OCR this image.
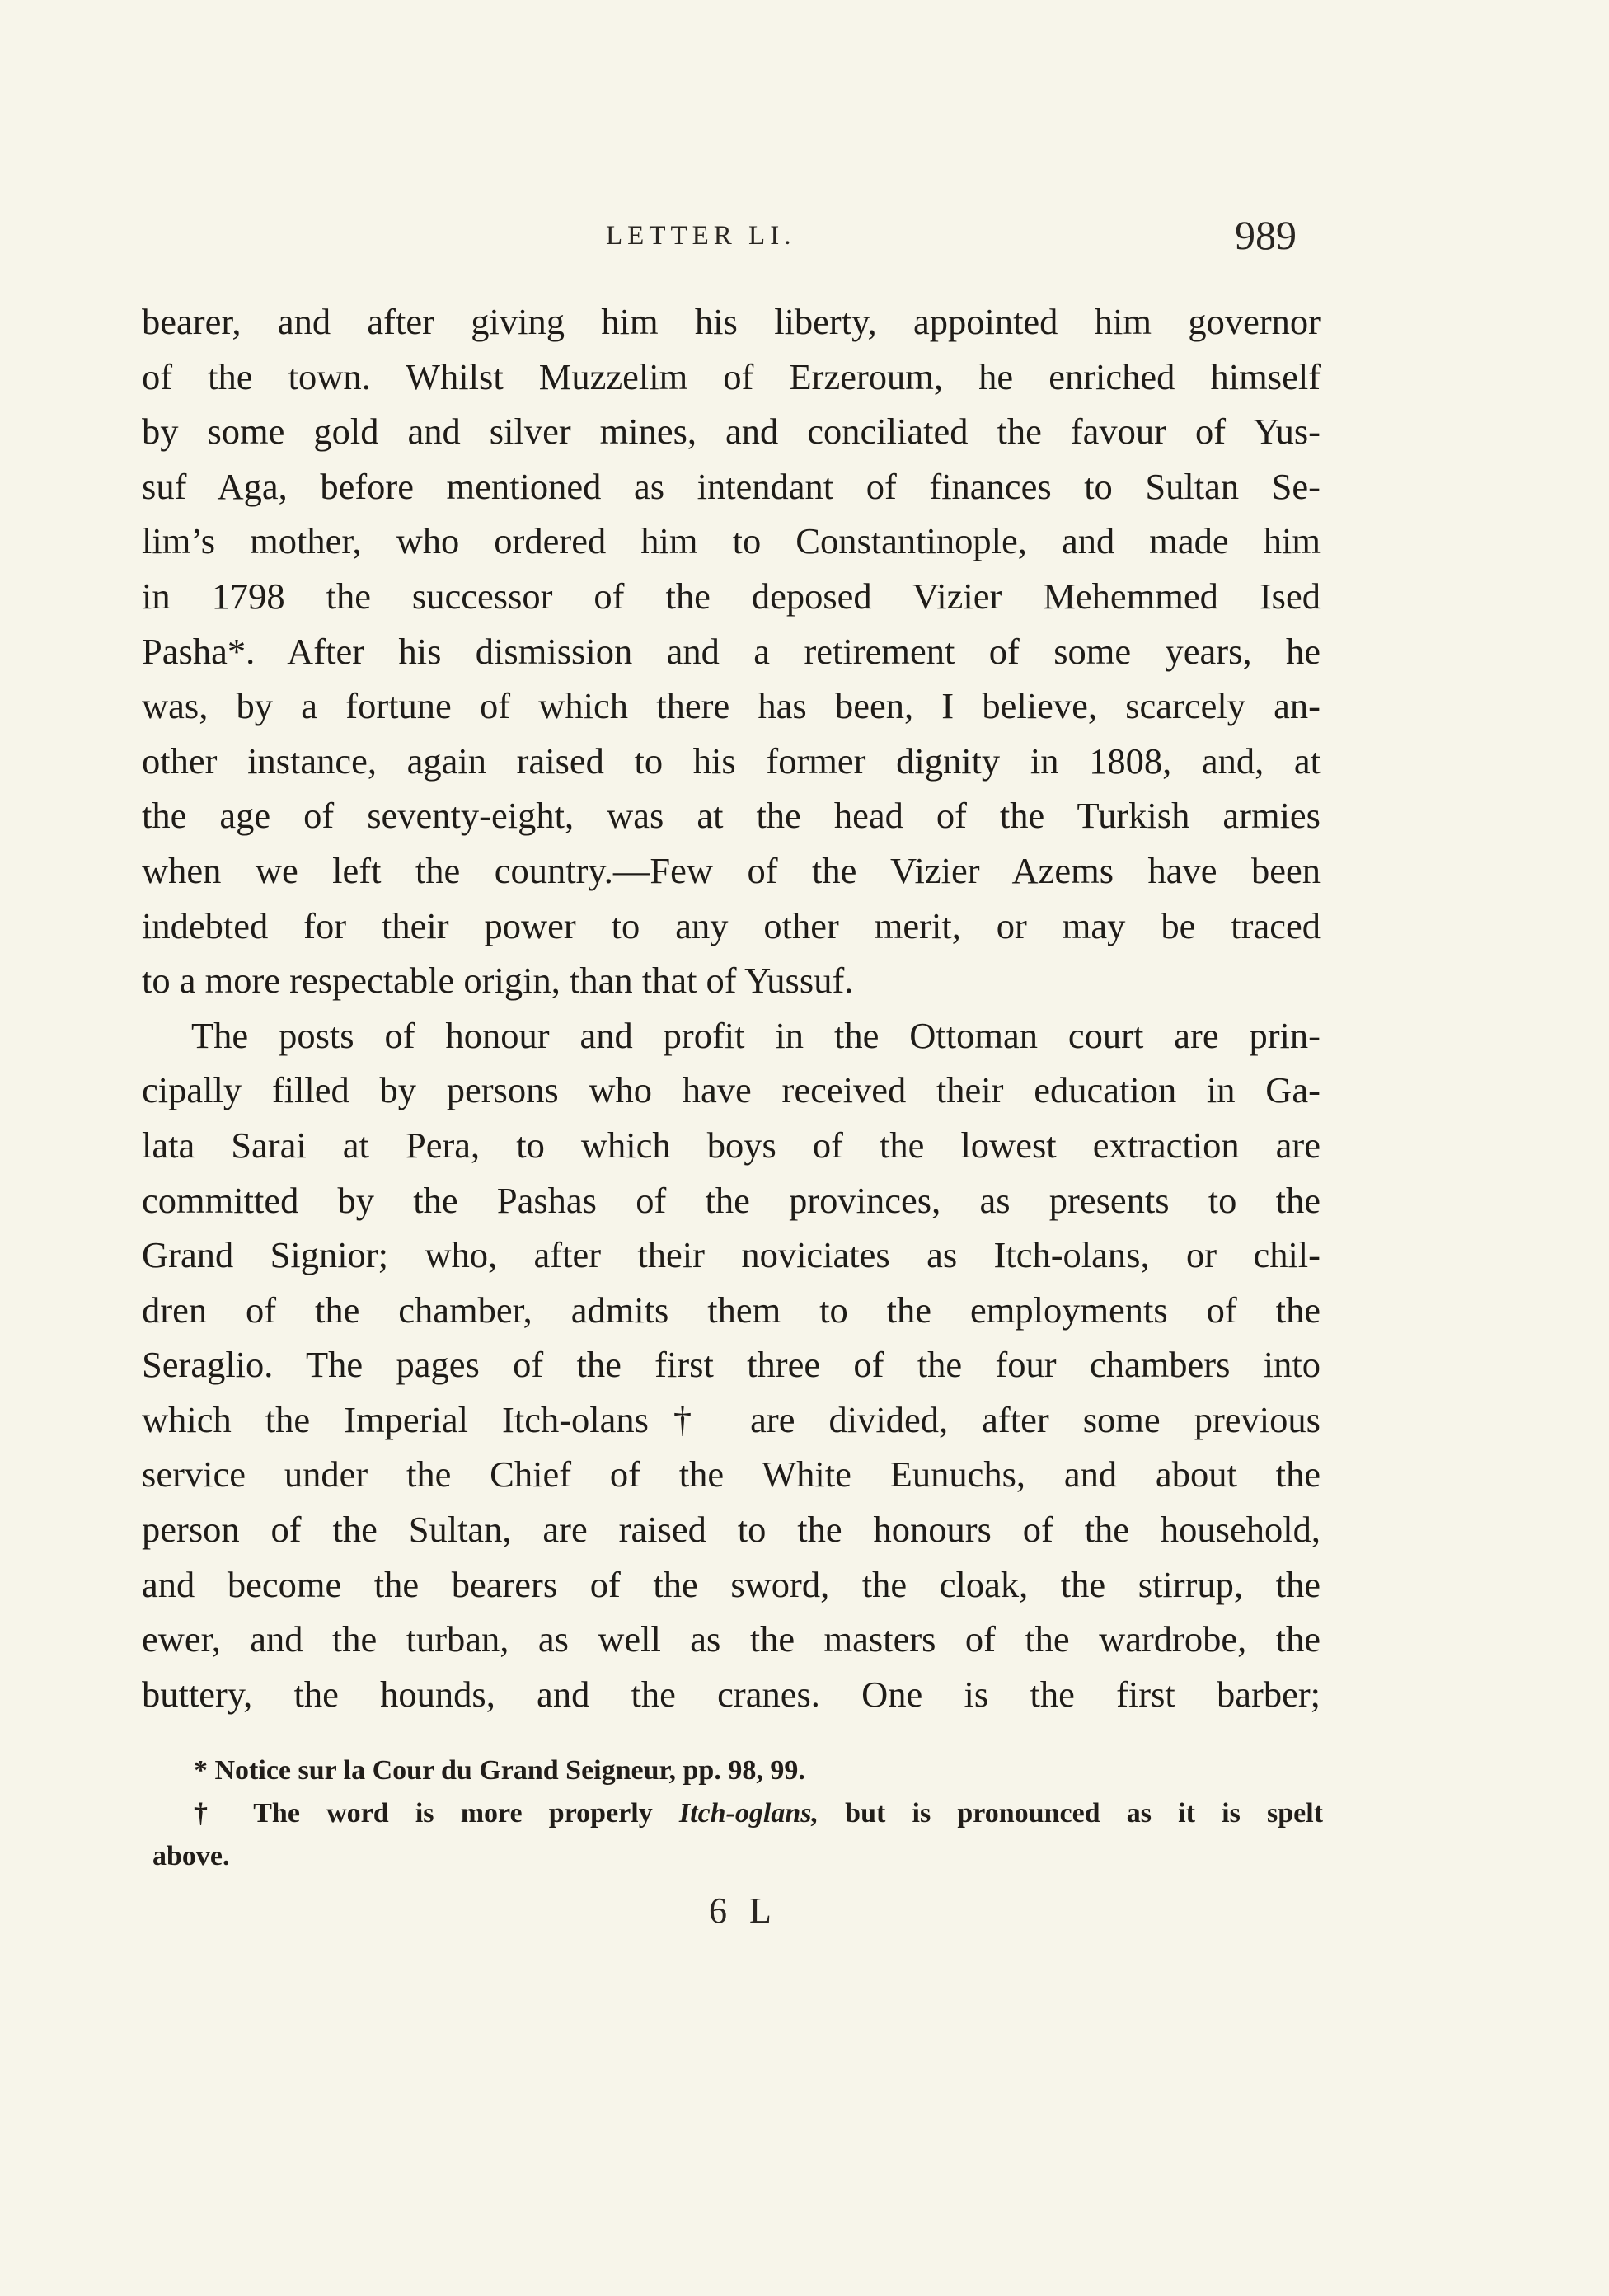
LETTER LI.	989
bearer, and after giving him his liberty, appointed him governor
of the town. Whilst Muzzelim of Erzeroum, he enriched himself
by some gold and silver mines, and conciliated the favour of Yus-
suf Aga, before mentioned as intendant of finances to Sultan Se-
lim’s mother, who ordered him to Constantinople, and made him
in 1798 the successor of the deposed Vizier Mehemmed Ised
Pasha*. After his dismission and a retirement of some years, he
was, by a fortune of which there has been, I believe, scarcely an-
other instance, again raised to his former dignity in 1808, and, at
the age of seventy-eight, was at the head of the Turkish armies
when we left the country.—Few of the Vizier Azems have been
indebted for their power to any other merit, or may be traced
to a more respectable origin, than that of Yussuf.
The posts of honour and profit in the Ottoman court are prin-
cipally filled by persons who have received their education in Ga-
lata Sarai at Pera, to which boys of the lowest extraction are
committed by the Pashas of the provinces, as presents to the
Grand Signior; who, after their noviciates as Itch-olans, or chil-
dren of the chamber, admits them to the employments of the
Seraglio. The pages of the first three of the four chambers into
which the Imperial Itch-olans† are divided, after some previous
service under the Chief of the White Eunuchs, and about the
person of the Sultan, are raised to the honours of the household,
and become the bearers of the sword, the cloak, the stirrup, the
ewer, and the turban, as well as the masters of the wardrobe, the
buttery, the hounds, and the cranes. One is the first barber;
* Notice sur la Cour du Grand Seigneur, pp. 98, 99.
† The word is more properly Itch-oglans, but is pronounced as it is spelt
above.
6 L
